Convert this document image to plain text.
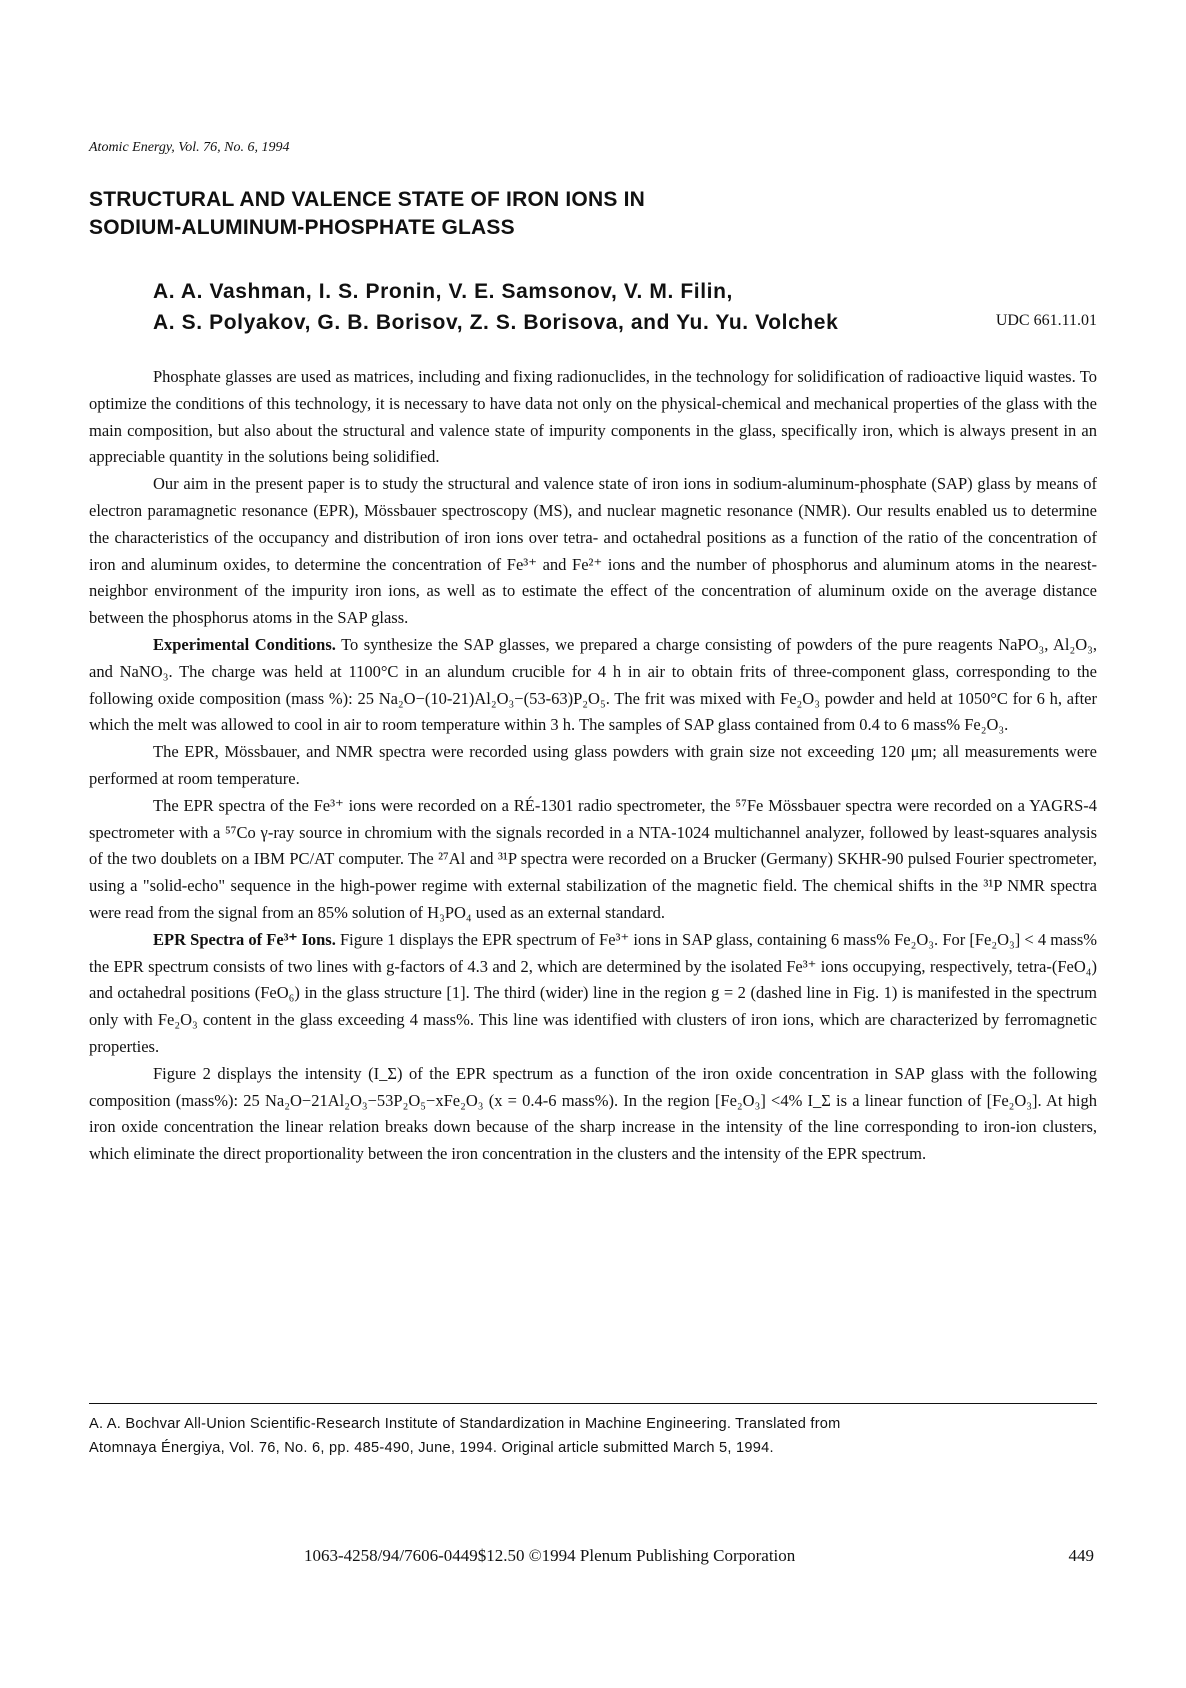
Atomic Energy, Vol. 76, No. 6, 1994
STRUCTURAL AND VALENCE STATE OF IRON IONS IN
SODIUM-ALUMINUM-PHOSPHATE GLASS
A. A. Vashman, I. S. Pronin, V. E. Samsonov, V. M. Filin,
A. S. Polyakov, G. B. Borisov, Z. S. Borisova, and Yu. Yu. Volchek	UDC 661.11.01

Phosphate glasses are used as matrices, including and fixing radionuclides, in the technology for solidification of radioactive liquid wastes. To optimize the conditions of this technology, it is necessary to have data not only on the physical-chemical and mechanical properties of the glass with the main composition, but also about the structural and valence state of impurity components in the glass, specifically iron, which is always present in an appreciable quantity in the solutions being solidified.

Our aim in the present paper is to study the structural and valence state of iron ions in sodium-aluminum-phosphate (SAP) glass by means of electron paramagnetic resonance (EPR), Mössbauer spectroscopy (MS), and nuclear magnetic resonance (NMR). Our results enabled us to determine the characteristics of the occupancy and distribution of iron ions over tetra- and octahedral positions as a function of the ratio of the concentration of iron and aluminum oxides, to determine the concentration of Fe³⁺ and Fe²⁺ ions and the number of phosphorus and aluminum atoms in the nearest-neighbor environment of the impurity iron ions, as well as to estimate the effect of the concentration of aluminum oxide on the average distance between the phosphorus atoms in the SAP glass.

Experimental Conditions. To synthesize the SAP glasses, we prepared a charge consisting of powders of the pure reagents NaPO₃, Al₂O₃, and NaNO₃. The charge was held at 1100°C in an alundum crucible for 4 h in air to obtain frits of three-component glass, corresponding to the following oxide composition (mass %): 25 Na₂O−(10-21)Al₂O₃−(53-63)P₂O₅. The frit was mixed with Fe₂O₃ powder and held at 1050°C for 6 h, after which the melt was allowed to cool in air to room temperature within 3 h. The samples of SAP glass contained from 0.4 to 6 mass% Fe₂O₃.

The EPR, Mössbauer, and NMR spectra were recorded using glass powders with grain size not exceeding 120 μm; all measurements were performed at room temperature.

The EPR spectra of the Fe³⁺ ions were recorded on a RÉ-1301 radio spectrometer, the ⁵⁷Fe Mössbauer spectra were recorded on a YAGRS-4 spectrometer with a ⁵⁷Co γ-ray source in chromium with the signals recorded in a NTA-1024 multichannel analyzer, followed by least-squares analysis of the two doublets on a IBM PC/AT computer. The ²⁷Al and ³¹P spectra were recorded on a Brucker (Germany) SKHR-90 pulsed Fourier spectrometer, using a "solid-echo" sequence in the high-power regime with external stabilization of the magnetic field. The chemical shifts in the ³¹P NMR spectra were read from the signal from an 85% solution of H₃PO₄ used as an external standard.

EPR Spectra of Fe³⁺ Ions. Figure 1 displays the EPR spectrum of Fe³⁺ ions in SAP glass, containing 6 mass% Fe₂O₃. For [Fe₂O₃] < 4 mass% the EPR spectrum consists of two lines with g-factors of 4.3 and 2, which are determined by the isolated Fe³⁺ ions occupying, respectively, tetra-(FeO₄) and octahedral positions (FeO₆) in the glass structure [1]. The third (wider) line in the region g = 2 (dashed line in Fig. 1) is manifested in the spectrum only with Fe₂O₃ content in the glass exceeding 4 mass%. This line was identified with clusters of iron ions, which are characterized by ferromagnetic properties.

Figure 2 displays the intensity (I_Σ) of the EPR spectrum as a function of the iron oxide concentration in SAP glass with the following composition (mass%): 25 Na₂O−21Al₂O₃−53P₂O₅−xFe₂O₃ (x = 0.4-6 mass%). In the region [Fe₂O₃] <4% I_Σ is a linear function of [Fe₂O₃]. At high iron oxide concentration the linear relation breaks down because of the sharp increase in the intensity of the line corresponding to iron-ion clusters, which eliminate the direct proportionality between the iron concentration in the clusters and the intensity of the EPR spectrum.

A. A. Bochvar All-Union Scientific-Research Institute of Standardization in Machine Engineering. Translated from
Atomnaya Énergiya, Vol. 76, No. 6, pp. 485-490, June, 1994. Original article submitted March 5, 1994.
1063-4258/94/7606-0449$12.50 ©1994 Plenum Publishing Corporation	449
